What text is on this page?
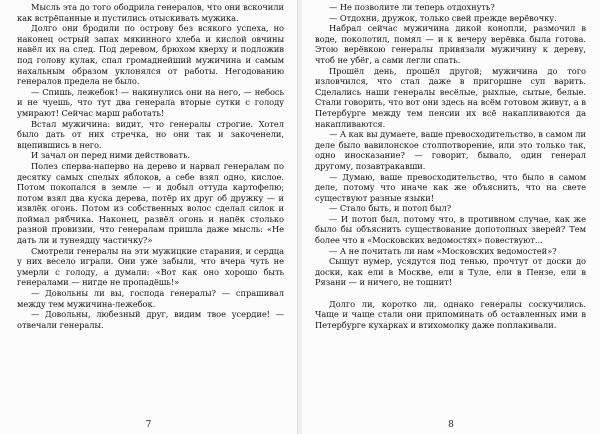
Мысль эта до того ободрила генералов, что они вскочили как встрёпанные и пустились отыскивать мужика.

Долго они бродили по острову без всякого успеха, но наконец острый запах мякинного хлеба и кислой овчины навёл их на след. Под деревом, брюхом кверху и подложив под голову кулак, спал громаднейший мужичина и самым нахальным образом уклонялся от работы. Негодованию генералов предела не было.

— Спишь, лежебок! — накинулись они на него, — небось и не чуешь, что тут два генерала вторые сутки с голоду умирают! Сейчас марш работать!

Встал мужичина: видит, что генералы строгие. Хотел было дать от них стречка, но они так и закоченели, вцепившись в него.

И зачал он перед ними действовать.

Полез сперва-наперво на дерево и нарвал генералам по десятку самых спелых яблоков, а себе взял одно, кислое. Потом покопался в земле — и добыл оттуда картофелю; потом взял два куска дерева, потёр их друг об дружку — и извлёк огонь. Потом из собственных волос сделал силок и поймал рябчика. Наконец, развёл огонь и напёк столько разной провизии, что генералам пришла даже мысль: «Не дать ли и тунеядцу частичку?»

Смотрели генералы на эти мужицкие старания, и сердца у них весело играли. Они уже забыли, что вчера чуть не умерли с голоду, а думали: «Вот как оно хорошо быть генералами — нигде не пропадёшь!»

— Довольны ли вы, господа генералы? — спрашивал между тем мужичина-лежебок.

— Довольны, любезный друг, видим твое усердие! — отвечали генералы.

7

— Не позволите ли теперь отдохнуть?

— Отдохни, дружок, только свей прежде верёвочку.

Набрал сейчас мужичина дикой конопли, размочил в воде, поколотил, помял — и к вечеру верёвка была готова. Этою верёвкою генералы привязали мужичину к дереву, чтоб не убёг, а сами легли спать.

Прошёл день, прошёл другой; мужичина до того изловчился, что стал даже в пригоршне суп варить. Сделались наши генералы весёлые, рыхлые, сытые, белые. Стали говорить, что вот они здесь на всём готовом живут, а в Петербурге между тем пенсии их всё накапливаются да накапливаются.

— А как вы думаете, ваше превосходительство, в самом ли деле было вавилонское столпотворение, или это только так, одно иносказание? — говорит, бывало, один генерал другому, позавтракавши.

— Думаю, ваше превосходительство, что было в самом деле, потому что иначе как же объяснить, что на свете существуют разные языки!

— Стало быть, и потоп был?

— И потоп был, потому что, в противном случае, как же было бы объяснить существование допотопных зверей? Тем более что в «Московских ведомостях» повествуют...

— А не почитать ли нам «Московских ведомостей»?

Сыщут нумер, усядутся под тенью, прочтут от доски до доски, как ели в Москве, ели в Туле, ели в Пензе, ели в Рязани — и ничего, не тошнит!

Долго ли, коротко ли, однако генералы соскучились. Чаще и чаще стали они припоминать об оставленных ими в Петербурге кухарках и втихомолку даже поплакивали.

8
